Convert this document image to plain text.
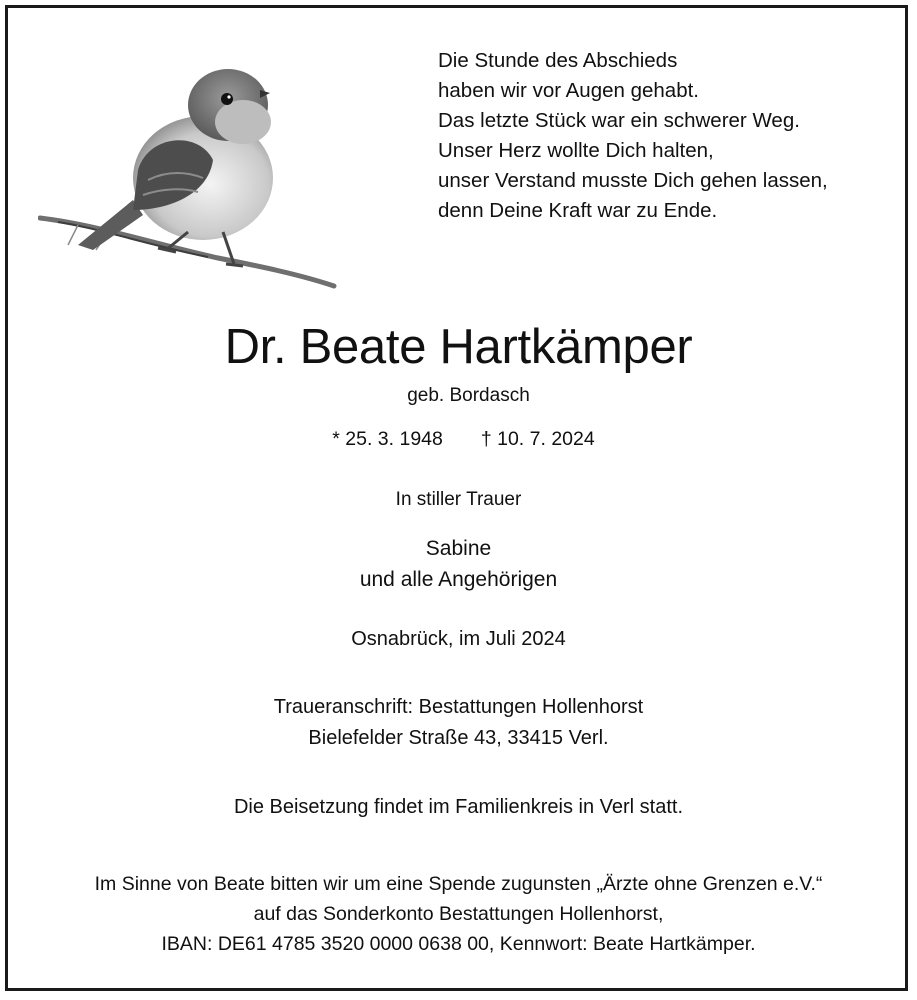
Die Stunde des Abschieds
haben wir vor Augen gehabt.
Das letzte Stück war ein schwerer Weg.
Unser Herz wollte Dich halten,
unser Verstand musste Dich gehen lassen,
denn Deine Kraft war zu Ende.
Dr. Beate Hartkämper
geb. Bordasch
* 25. 3. 1948 † 10. 7. 2024
In stiller Trauer
Sabine
und alle Angehörigen
Osnabrück, im Juli 2024
Traueranschrift: Bestattungen Hollenhorst
Bielefelder Straße 43, 33415 Verl.
Die Beisetzung findet im Familienkreis in Verl statt.
Im Sinne von Beate bitten wir um eine Spende zugunsten „Ärzte ohne Grenzen e.V.“
auf das Sonderkonto Bestattungen Hollenhorst,
IBAN: DE61 4785 3520 0000 0638 00, Kennwort: Beate Hartkämper.
